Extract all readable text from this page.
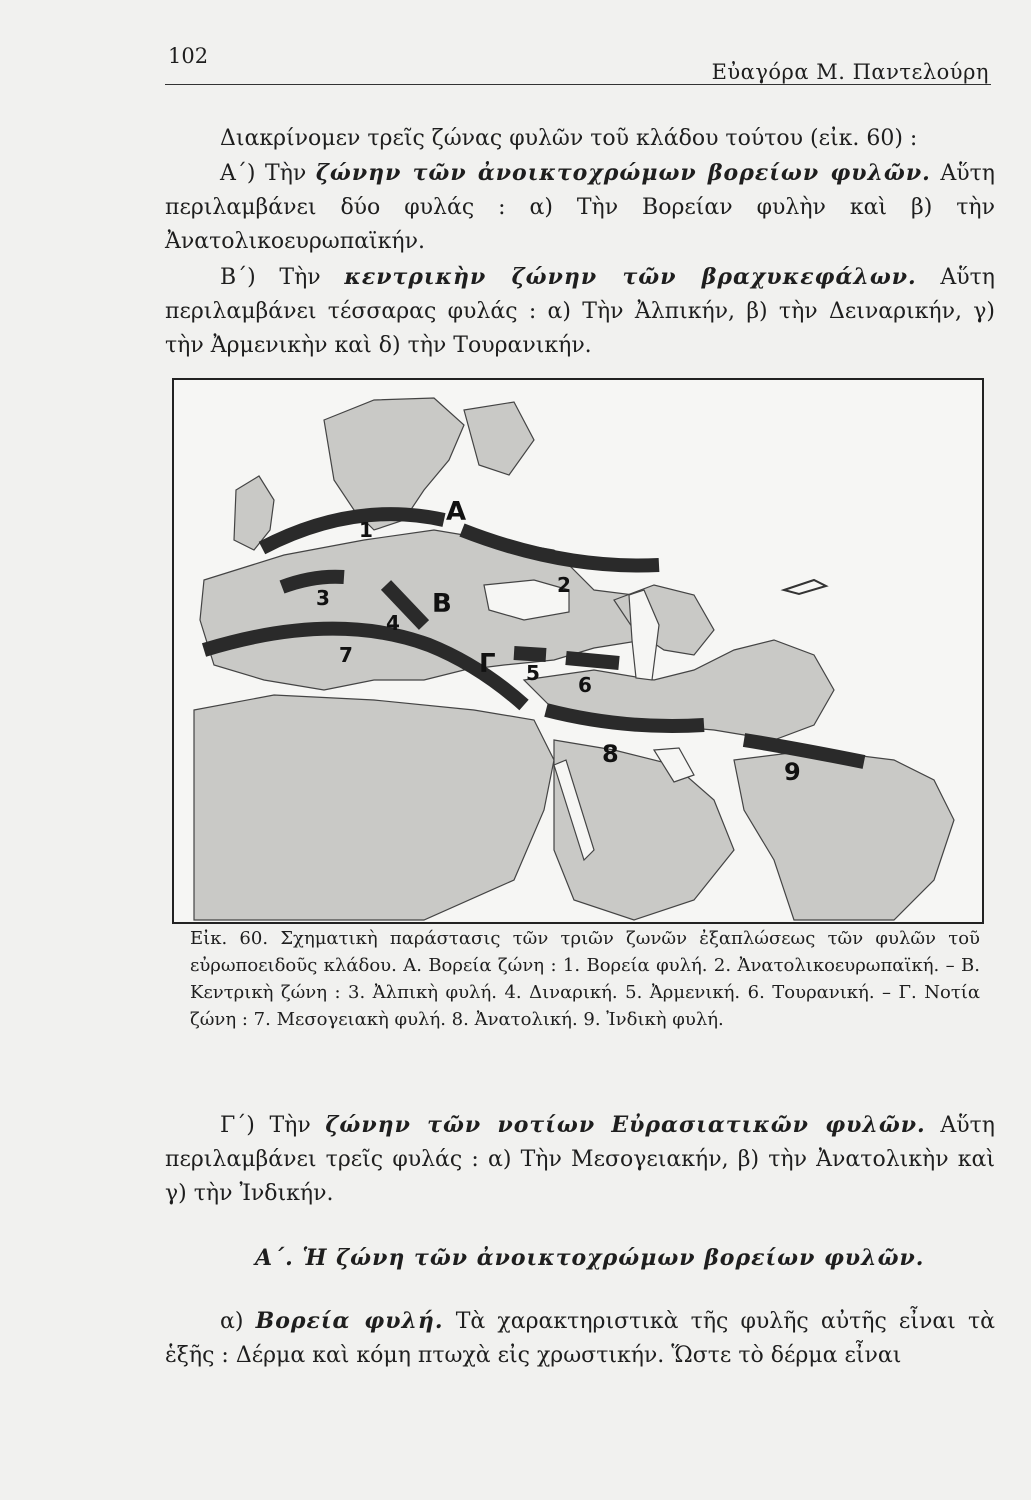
102
Εὐαγόρα Μ. Παντελούρη
Διακρίνομεν τρεῖς ζώνας φυλῶν τοῦ κλάδου τούτου (εἰκ. 60) :
Α΄) Τὴν ζώνην τῶν ἀνοικτοχρώμων βορείων φυλῶν. Αὕτη περιλαμβάνει δύο φυλάς : α) Τὴν Βορείαν φυλὴν καὶ β) τὴν Ἀνατολικοευρωπαϊκήν.
Β΄) Τὴν κεντρικὴν ζώνην τῶν βραχυκεφάλων. Αὕτη περιλαμβάνει τέσσαρας φυλάς : α) Τὴν Ἀλπικήν, β) τὴν Δειναρικήν, γ) τὴν Ἀρμενικὴν καὶ δ) τὴν Τουρανικήν.
Α
Β
Γ
1
2
3
4
5 6
7
8
9
Εἰκ. 60. Σχηματικὴ παράστασις τῶν τριῶν ζωνῶν ἐξαπλώσεως τῶν φυλῶν τοῦ εὐρωποειδοῦς κλάδου. Α. Βορεία ζώνη : 1. Βορεία φυλή. 2. Ἀνατολικοευρωπαϊκή. – Β. Κεντρικὴ ζώνη : 3. Ἀλπικὴ φυλή. 4. Διναρική. 5. Ἀρμενική. 6. Τουρανική. – Γ. Νοτία ζώνη : 7. Μεσογειακὴ φυλή. 8. Ἀνατολική. 9. Ἰνδικὴ φυλή.
Γ΄) Τὴν ζώνην τῶν νοτίων Εὐρασιατικῶν φυλῶν. Αὕτη περιλαμβάνει τρεῖς φυλάς : α) Τὴν Μεσογειακήν, β) τὴν Ἀνατολικὴν καὶ γ) τὴν Ἰνδικήν.
Α΄. Ἡ ζώνη τῶν ἀνοικτοχρώμων βορείων φυλῶν.
α) Βορεία φυλή. Τὰ χαρακτηριστικὰ τῆς φυλῆς αὐτῆς εἶναι τὰ ἑξῆς : Δέρμα καὶ κόμη πτωχὰ εἰς χρωστικήν. Ὥστε τὸ δέρμα εἶναι
